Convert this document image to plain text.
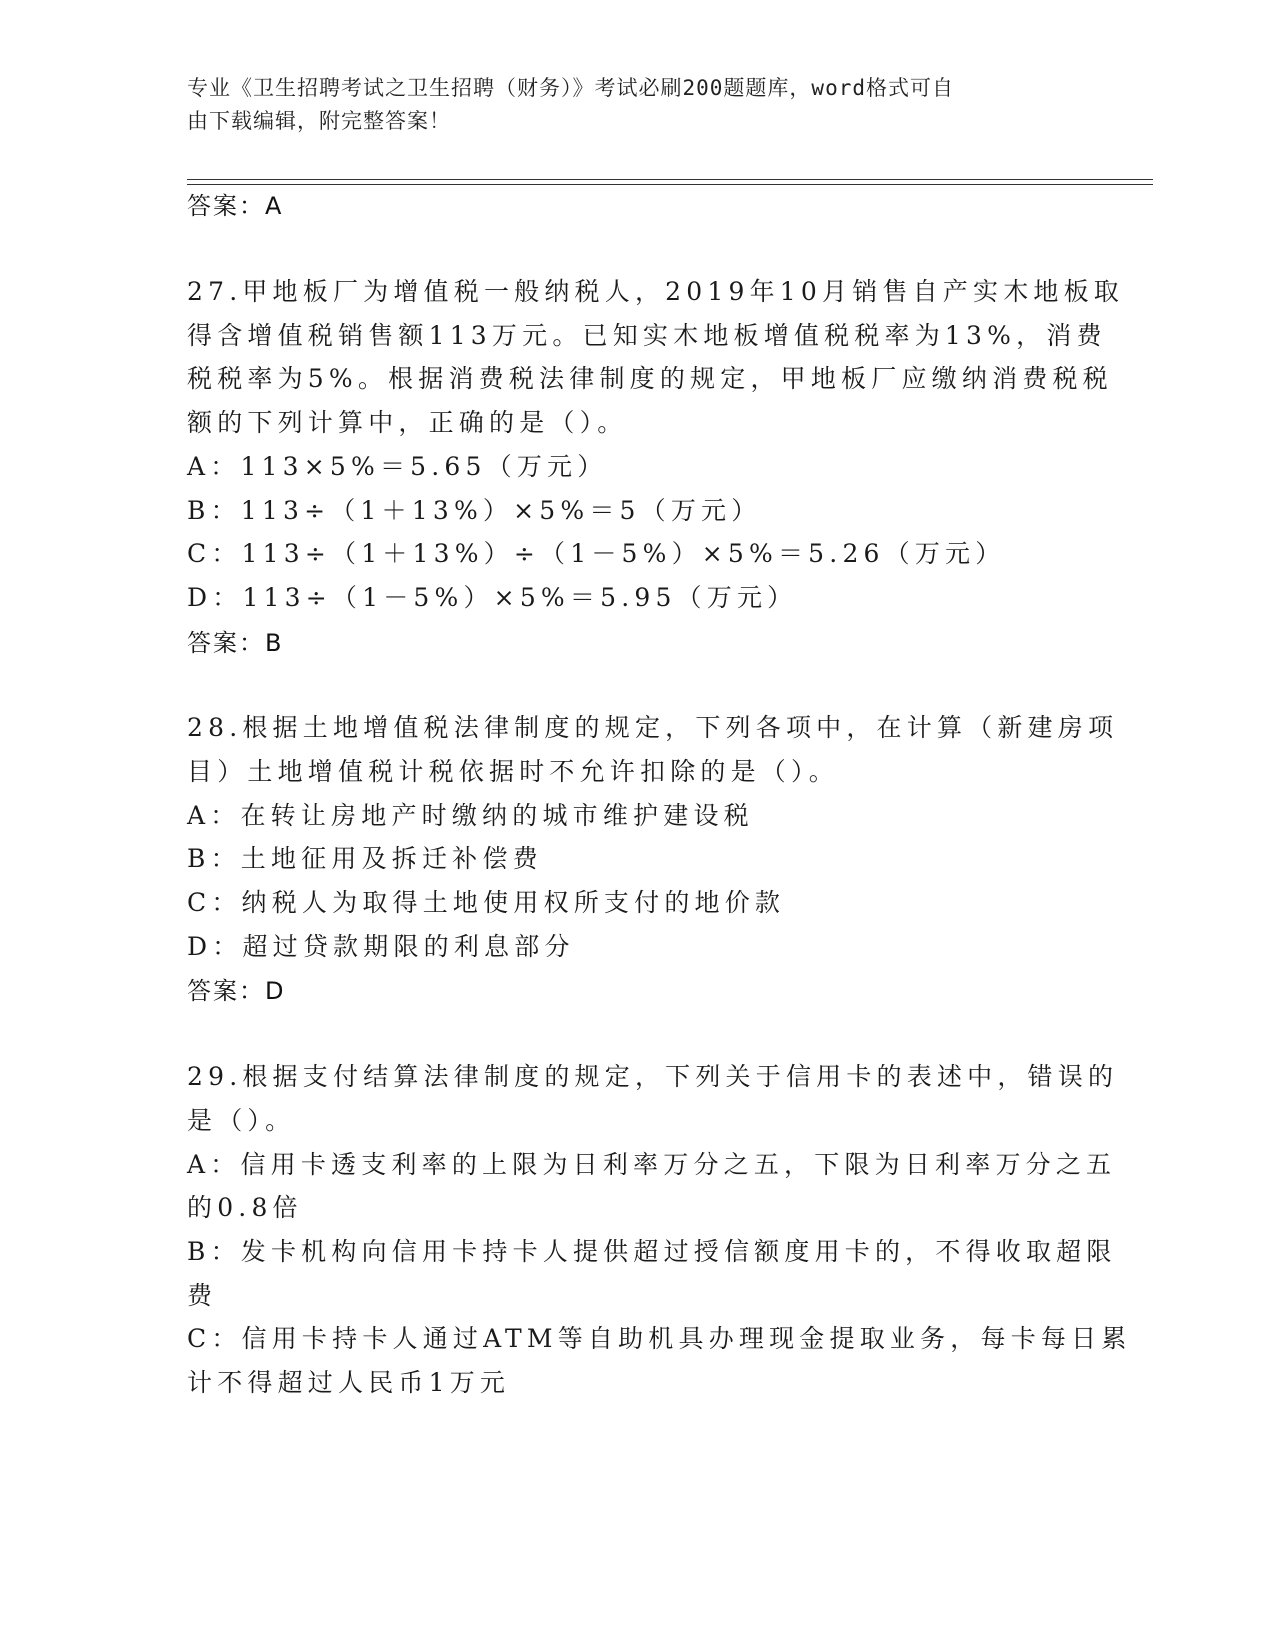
专业《卫生招聘考试之卫生招聘（财务）》考试必刷200题题库，word格式可自
由下载编辑，附完整答案！
答案：A
27.甲地板厂为增值税一般纳税人，2019年10月销售自产实木地板取
得含增值税销售额113万元。已知实木地板增值税税率为13%，消费
税税率为5%。根据消费税法律制度的规定，甲地板厂应缴纳消费税税
额的下列计算中，正确的是（）。
A：113×5%＝5.65（万元）
B：113÷（1＋13%）×5%＝5（万元）
C：113÷（1＋13%）÷（1－5%）×5%＝5.26（万元）
D：113÷（1－5%）×5%＝5.95（万元）
答案：B
28.根据土地增值税法律制度的规定，下列各项中，在计算（新建房项
目）土地增值税计税依据时不允许扣除的是（）。
A：在转让房地产时缴纳的城市维护建设税
B：土地征用及拆迁补偿费
C：纳税人为取得土地使用权所支付的地价款
D：超过贷款期限的利息部分
答案：D
29.根据支付结算法律制度的规定，下列关于信用卡的表述中，错误的
是（）。
A：信用卡透支利率的上限为日利率万分之五，下限为日利率万分之五
的0.8倍
B：发卡机构向信用卡持卡人提供超过授信额度用卡的，不得收取超限
费
C：信用卡持卡人通过ATM等自助机具办理现金提取业务，每卡每日累
计不得超过人民币1万元
